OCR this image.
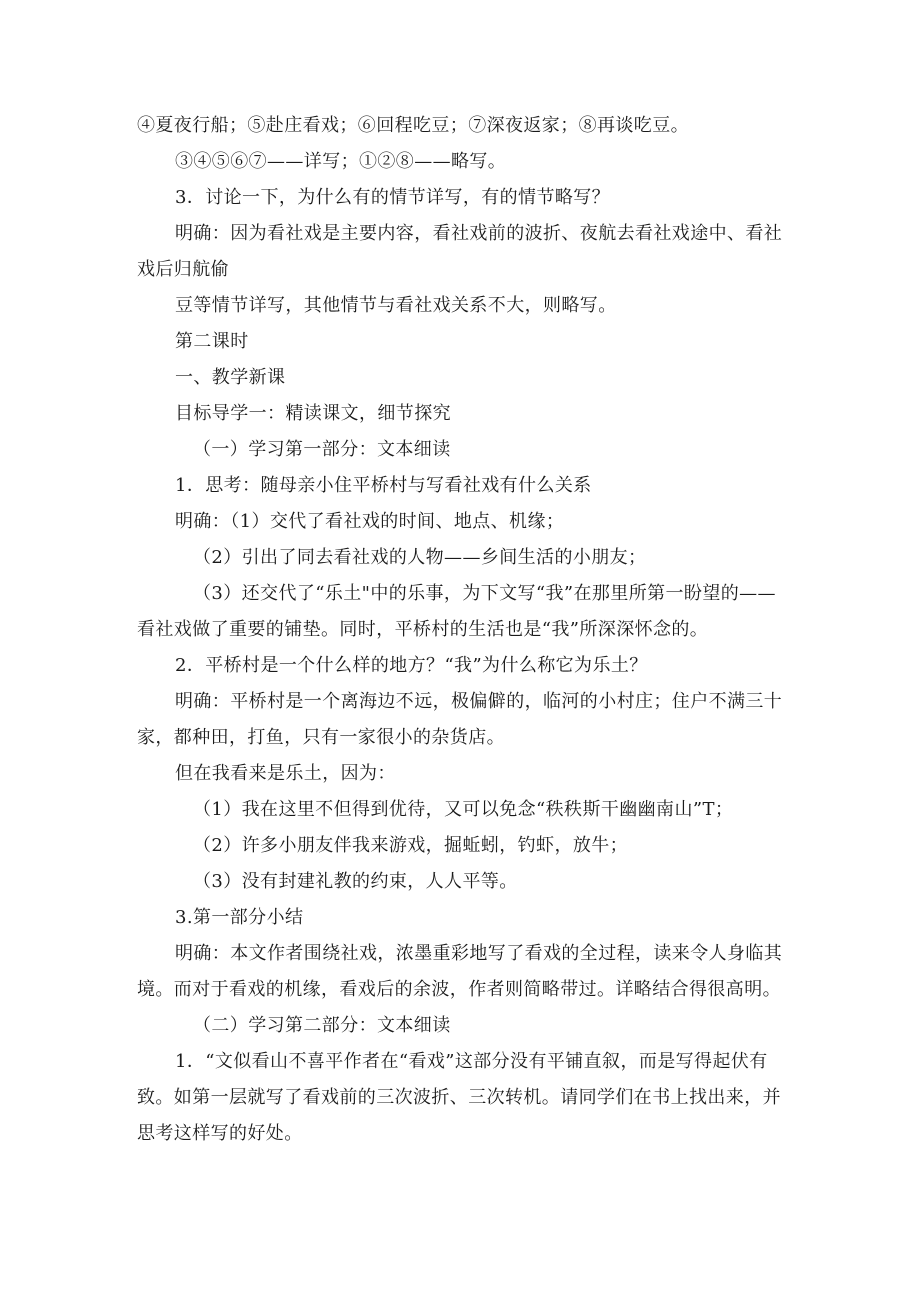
④夏夜行船；⑤赴庄看戏；⑥回程吃豆；⑦深夜返家；⑧再谈吃豆。

③④⑤⑥⑦——详写；①②⑧——略写。

3．讨论一下，为什么有的情节详写，有的情节略写？

明确：因为看社戏是主要内容，看社戏前的波折、夜航去看社戏途中、看社戏后归航偷

豆等情节详写，其他情节与看社戏关系不大，则略写。

第二课时

一、教学新课

目标导学一：精读课文，细节探究

（一）学习第一部分：文本细读

1．思考：随母亲小住平桥村与写看社戏有什么关系

明确：（1）交代了看社戏的时间、地点、机缘；

（2）引出了同去看社戏的人物——乡间生活的小朋友；

（3）还交代了“乐土"中的乐事，为下文写“我”在那里所第一盼望的——看社戏做了重要的铺垫。同时，平桥村的生活也是“我”所深深怀念的。

2．平桥村是一个什么样的地方？“我”为什么称它为乐土？

明确：平桥村是一个离海边不远，极偏僻的，临河的小村庄；住户不满三十家，都种田，打鱼，只有一家很小的杂货店。

但在我看来是乐土，因为：

（1）我在这里不但得到优待，又可以免念“秩秩斯干幽幽南山”T；

（2）许多小朋友伴我来游戏，掘蚯蚓，钓虾，放牛；

（3）没有封建礼教的约束，人人平等。

3.第一部分小结

明确：本文作者围绕社戏，浓墨重彩地写了看戏的全过程，读来令人身临其境。而对于看戏的机缘，看戏后的余波，作者则简略带过。详略结合得很高明。

（二）学习第二部分：文本细读

1．“文似看山不喜平作者在“看戏”这部分没有平铺直叙，而是写得起伏有致。如第一层就写了看戏前的三次波折、三次转机。请同学们在书上找出来，并思考这样写的好处。
